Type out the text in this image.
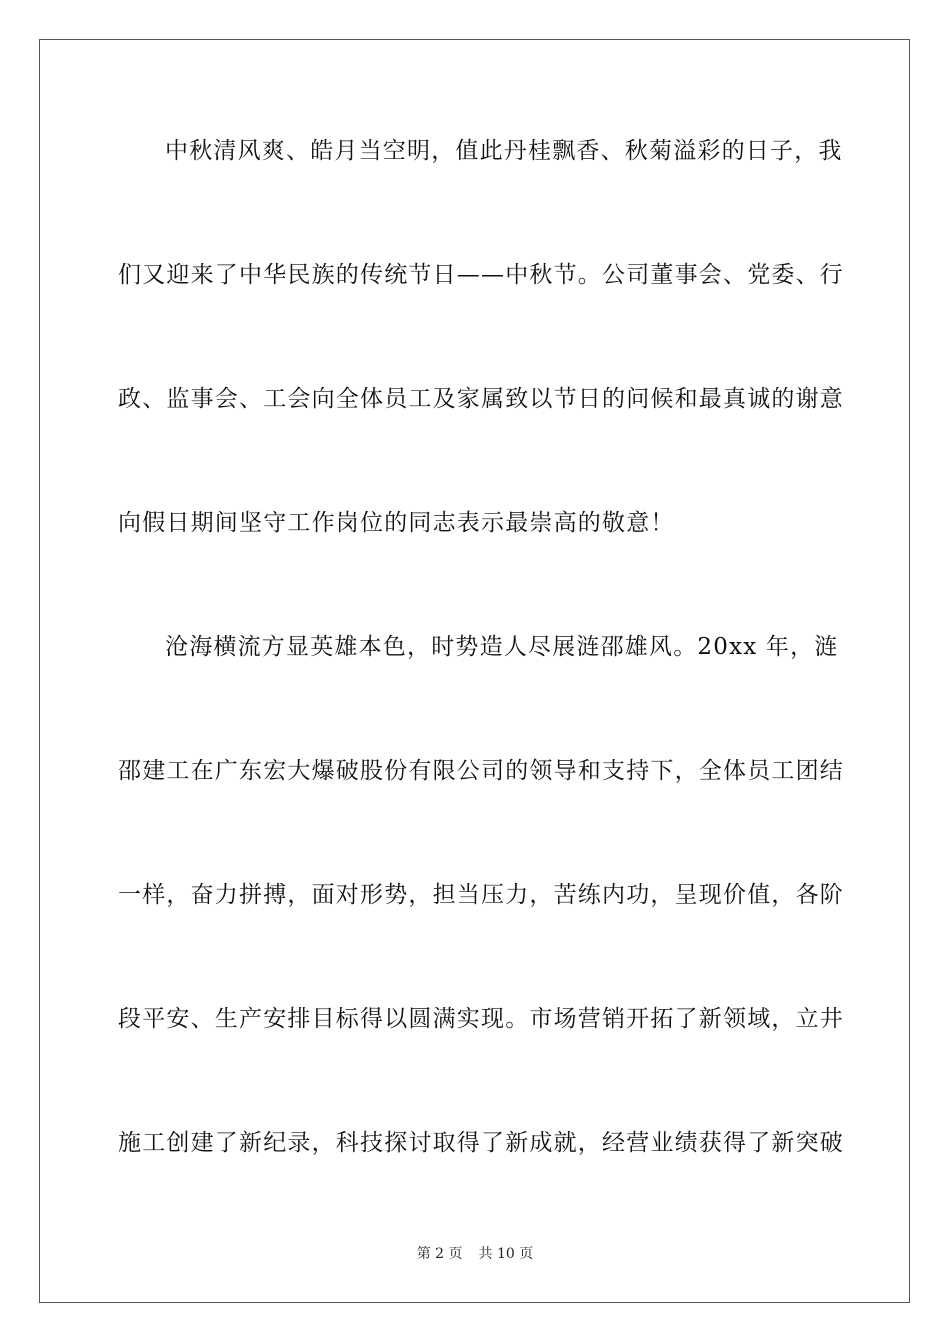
中秋清风爽、皓月当空明，值此丹桂飘香、秋菊溢彩的日子，我
们又迎来了中华民族的传统节日——中秋节。公司董事会、党委、行
政、监事会、工会向全体员工及家属致以节日的问候和最真诚的谢意
向假日期间坚守工作岗位的同志表示最崇高的敬意！
沧海横流方显英雄本色，时势造人尽展涟邵雄风。20xx 年，涟
邵建工在广东宏大爆破股份有限公司的领导和支持下，全体员工团结
一样，奋力拼搏，面对形势，担当压力，苦练内功，呈现价值，各阶
段平安、生产安排目标得以圆满实现。市场营销开拓了新领域，立井
施工创建了新纪录，科技探讨取得了新成就，经营业绩获得了新突破
第 2 页 共 10 页
